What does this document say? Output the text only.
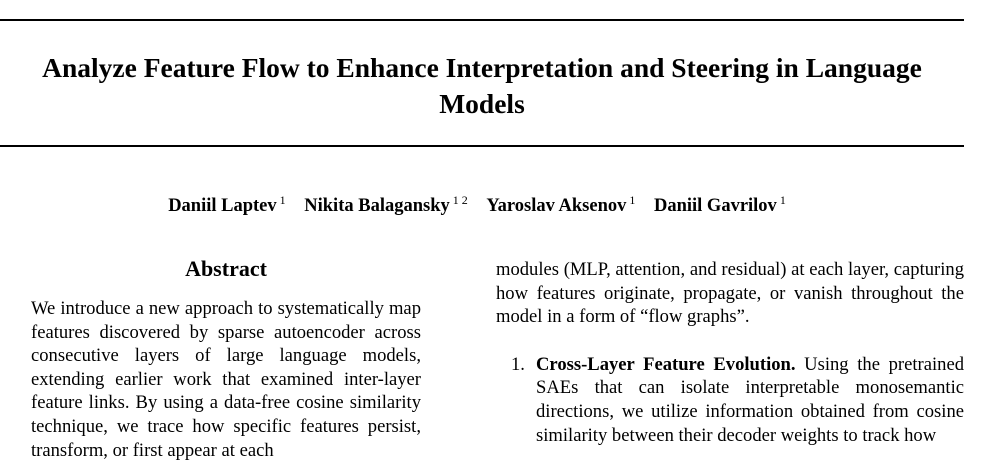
Analyze Feature Flow to Enhance Interpretation and Steering in Language Models
Daniil Laptev $^1$ Nikita Balagansky $^{1 2}$ Yaroslav Aksenov $^1$ Daniil Gavrilov $^1$
Abstract

We introduce a new approach to systematically map features discovered by sparse autoencoder across consecutive layers of large language models, extending earlier work that examined inter-layer feature links. By using a data-free cosine similarity technique, we trace how specific features persist, transform, or first appear at each

modules (MLP, attention, and residual) at each layer, capturing how features originate, propagate, or vanish throughout the model in a form of “flow graphs”.

1. Cross-Layer Feature Evolution. Using the pretrained SAEs that can isolate interpretable monosemantic directions, we utilize information obtained from cosine similarity between their decoder weights to track how
